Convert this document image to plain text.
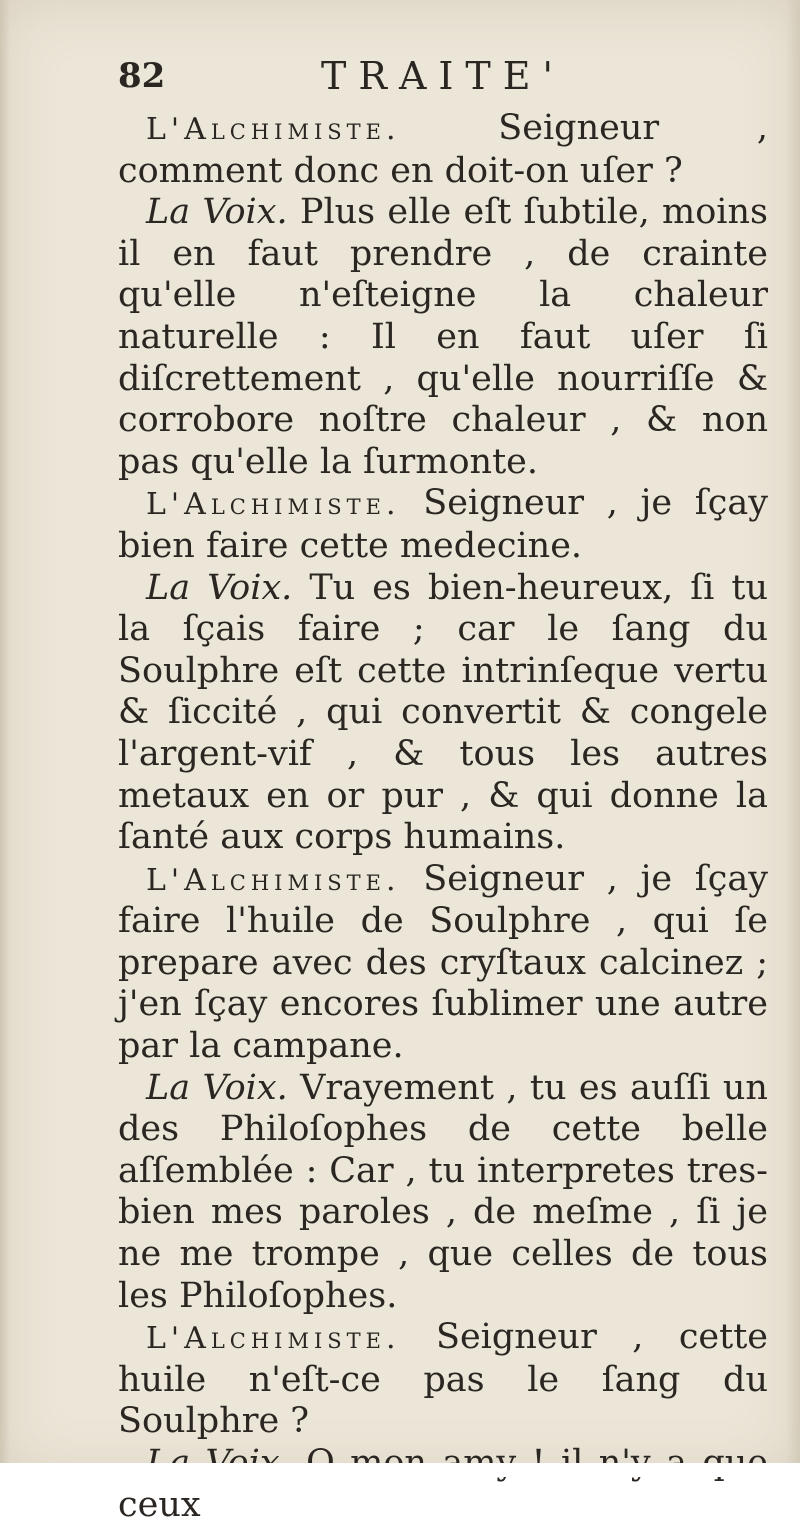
82	TRAITE'

L'Alchimiste.	Seigneur , comment donc en doit-on uſer ?

La Voix. Plus elle eſt ſubtile, moins il en faut prendre , de crainte qu'elle n'eſteigne la chaleur naturelle : Il en faut uſer ſi diſcrettement , qu'elle nourriſſe & corrobore noſtre chaleur , & non pas qu'elle la ſurmonte.

L'Alchimiste. Seigneur , je ſçay bien faire cette medecine.

La Voix. Tu es bien-heureux, ſi tu la ſçais faire ; car le ſang du Soulphre eſt cette intrinſeque vertu & ſiccité , qui convertit & congele l'argent-vif , & tous les autres metaux en or pur , & qui donne la ſanté aux corps humains.

L'Alchimiste. Seigneur , je ſçay faire l'huile de Soulphre , qui ſe prepare avec des cryſtaux calcinez ; j'en ſçay encores ſublimer une autre par la campane.

La Voix. Vrayement , tu es auſſi un des Philoſophes de cette belle aſſemblée : Car , tu interpretes tres-bien mes paroles , de meſme , ſi je ne me trompe , que celles de tous les Philoſophes.

L'Alchimiste. Seigneur , cette huile n'eſt-ce pas le ſang du Soulphre ?

ceux
